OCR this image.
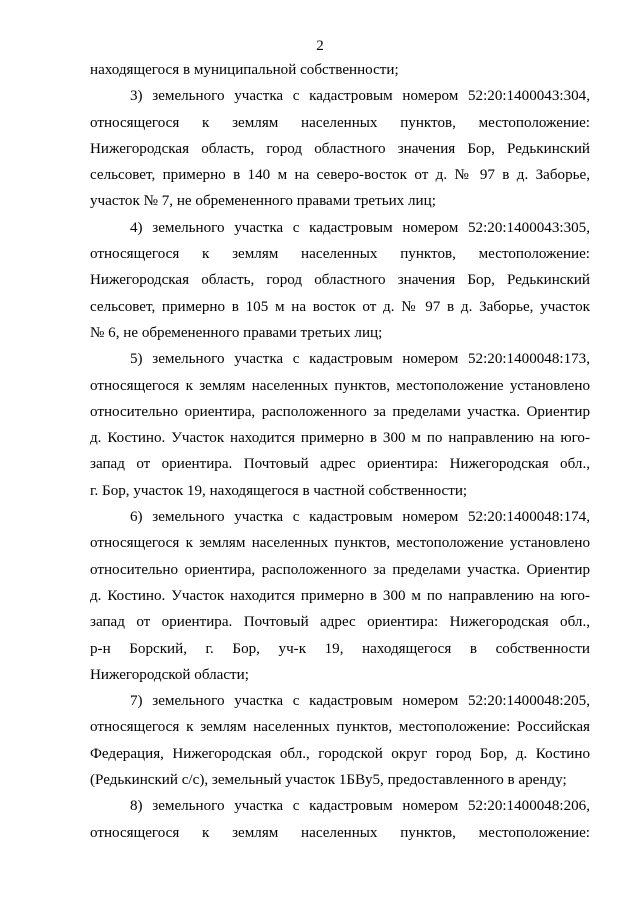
2
находящегося в муниципальной собственности;
3) земельного участка с кадастровым номером 52:20:1400043:304,
относящегося к землям населенных пунктов, местоположение:
Нижегородская область, город областного значения Бор, Редькинский
сельсовет, примерно в 140 м на северо-восток от д. № 97 в д. Заборье,
участок № 7, не обремененного правами третьих лиц;
4) земельного участка с кадастровым номером 52:20:1400043:305,
относящегося к землям населенных пунктов, местоположение:
Нижегородская область, город областного значения Бор, Редькинский
сельсовет, примерно в 105 м на восток от д. № 97 в д. Заборье, участок
№ 6, не обремененного правами третьих лиц;
5) земельного участка с кадастровым номером 52:20:1400048:173,
относящегося к землям населенных пунктов, местоположение установлено
относительно ориентира, расположенного за пределами участка. Ориентир
д. Костино. Участок находится примерно в 300 м по направлению на юго-
запад от ориентира. Почтовый адрес ориентира: Нижегородская обл.,
г. Бор, участок 19, находящегося в частной собственности;
6) земельного участка с кадастровым номером 52:20:1400048:174,
относящегося к землям населенных пунктов, местоположение установлено
относительно ориентира, расположенного за пределами участка. Ориентир
д. Костино. Участок находится примерно в 300 м по направлению на юго-
запад от ориентира. Почтовый адрес ориентира: Нижегородская обл.,
р-н Борский, г. Бор, уч-к 19, находящегося в собственности
Нижегородской области;
7) земельного участка с кадастровым номером 52:20:1400048:205,
относящегося к землям населенных пунктов, местоположение: Российская
Федерация, Нижегородская обл., городской округ город Бор, д. Костино
(Редькинский с/с), земельный участок 1БВу5, предоставленного в аренду;
8) земельного участка с кадастровым номером 52:20:1400048:206,
относящегося к землям населенных пунктов, местоположение:
